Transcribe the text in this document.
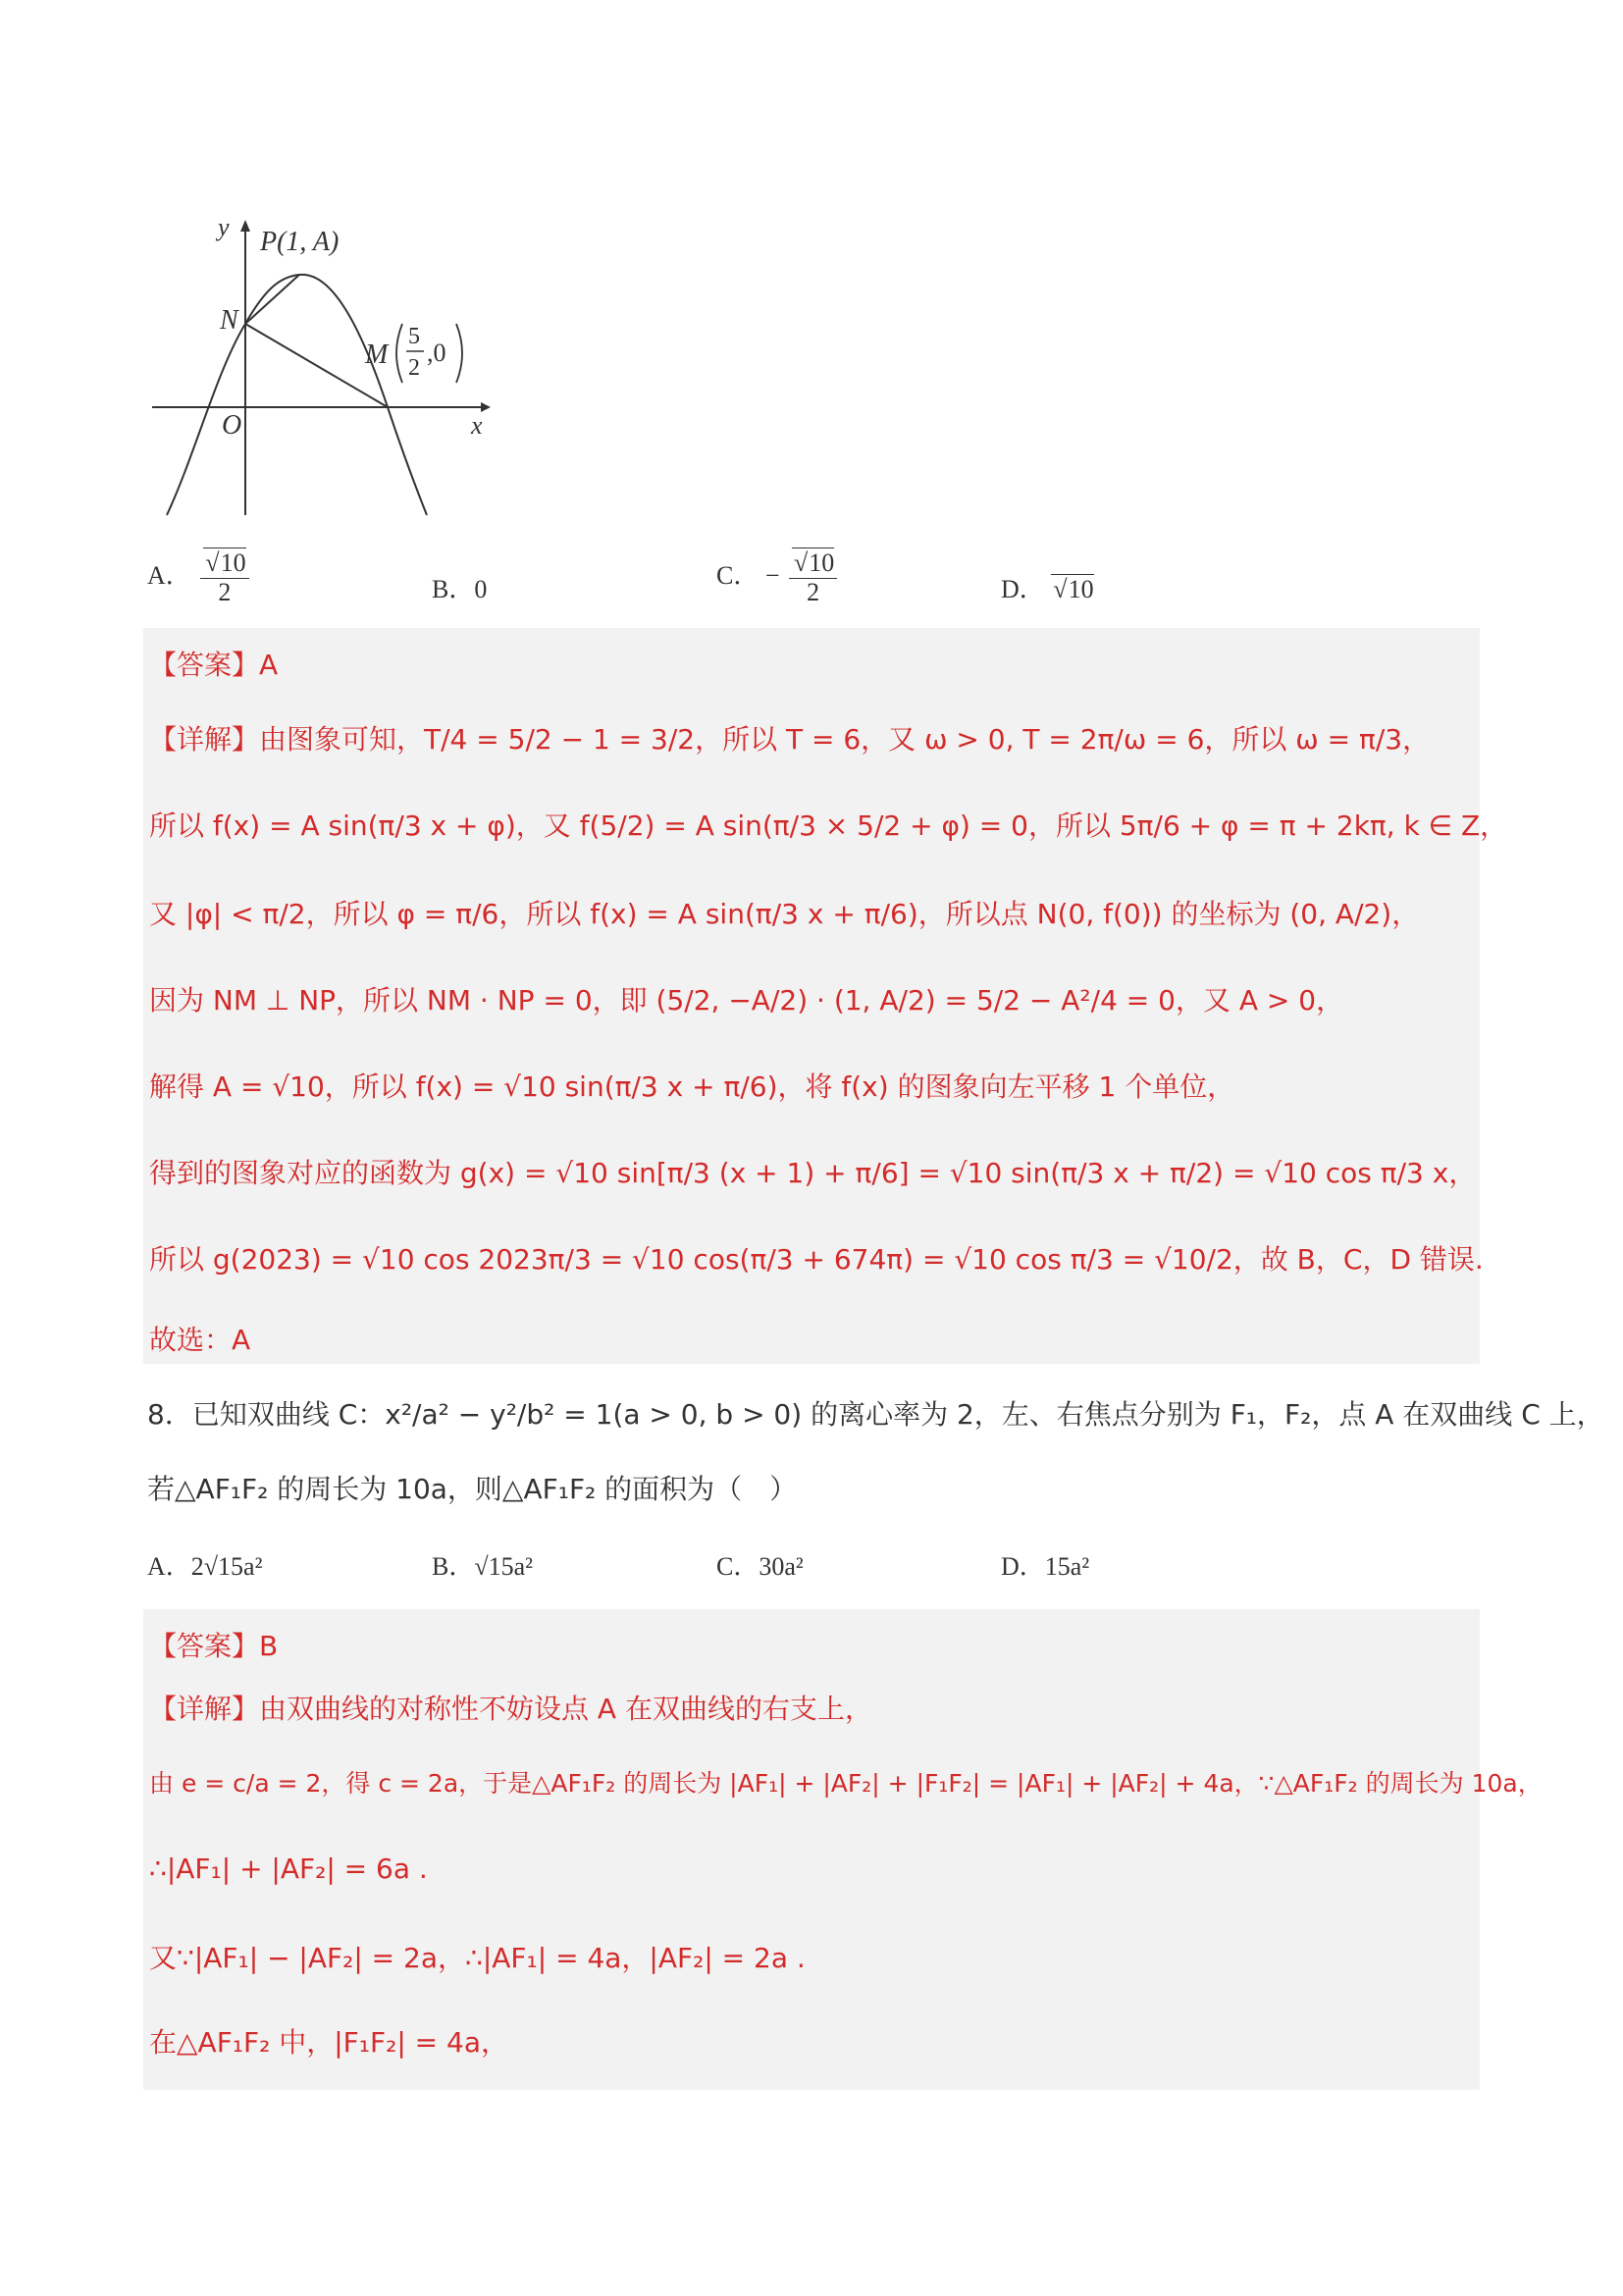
y
x
O
P(1, A)
N
M
5
2
,0
A． √ $\frac{10}{2}$	B．0	C． − √ $\frac{10}{2}$	D． √ 10
【答案】A
【详解】由图象可知，T/4 = 5/2 − 1 = 3/2，所以 T = 6，又 ω > 0, T = 2π/ω = 6，所以 ω = π/3，
所以 f(x) = A sin(π/3 x + φ)，又 f(5/2) = A sin(π/3 × 5/2 + φ) = 0，所以 5π/6 + φ = π + 2kπ, k ∈ Z，
又 |φ| < π/2，所以 φ = π/6，所以 f(x) = A sin(π/3 x + π/6)，所以点 N(0, f(0)) 的坐标为 (0, A/2)，
因为 NM ⊥ NP，所以 NM · NP = 0，即 (5/2, −A/2) · (1, A/2) = 5/2 − A²/4 = 0，又 A > 0，
解得 A = √10，所以 f(x) = √10 sin(π/3 x + π/6)，将 f(x) 的图象向左平移 1 个单位，
得到的图象对应的函数为 g(x) = √10 sin[π/3 (x + 1) + π/6] = √10 sin(π/3 x + π/2) = √10 cos π/3 x，
所以 g(2023) = √10 cos 2023π/3 = √10 cos(π/3 + 674π) = √10 cos π/3 = √10/2，故 B，C，D 错误.
故选：A
8．已知双曲线 C：x²/a² − y²/b² = 1(a > 0, b > 0) 的离心率为 2，左、右焦点分别为 F₁，F₂，点 A 在双曲线 C 上，
若△AF₁F₂ 的周长为 10a，则△AF₁F₂ 的面积为（　）
A．2√15a²	B．√15a²	C．30a²	D．15a²
【答案】B
【详解】由双曲线的对称性不妨设点 A 在双曲线的右支上，
由 e = c/a = 2，得 c = 2a，于是△AF₁F₂ 的周长为 |AF₁| + |AF₂| + |F₁F₂| = |AF₁| + |AF₂| + 4a，∵△AF₁F₂ 的周长为 10a，
∴|AF₁| + |AF₂| = 6a .
又∵|AF₁| − |AF₂| = 2a，∴|AF₁| = 4a，|AF₂| = 2a .
在△AF₁F₂ 中，|F₁F₂| = 4a，
